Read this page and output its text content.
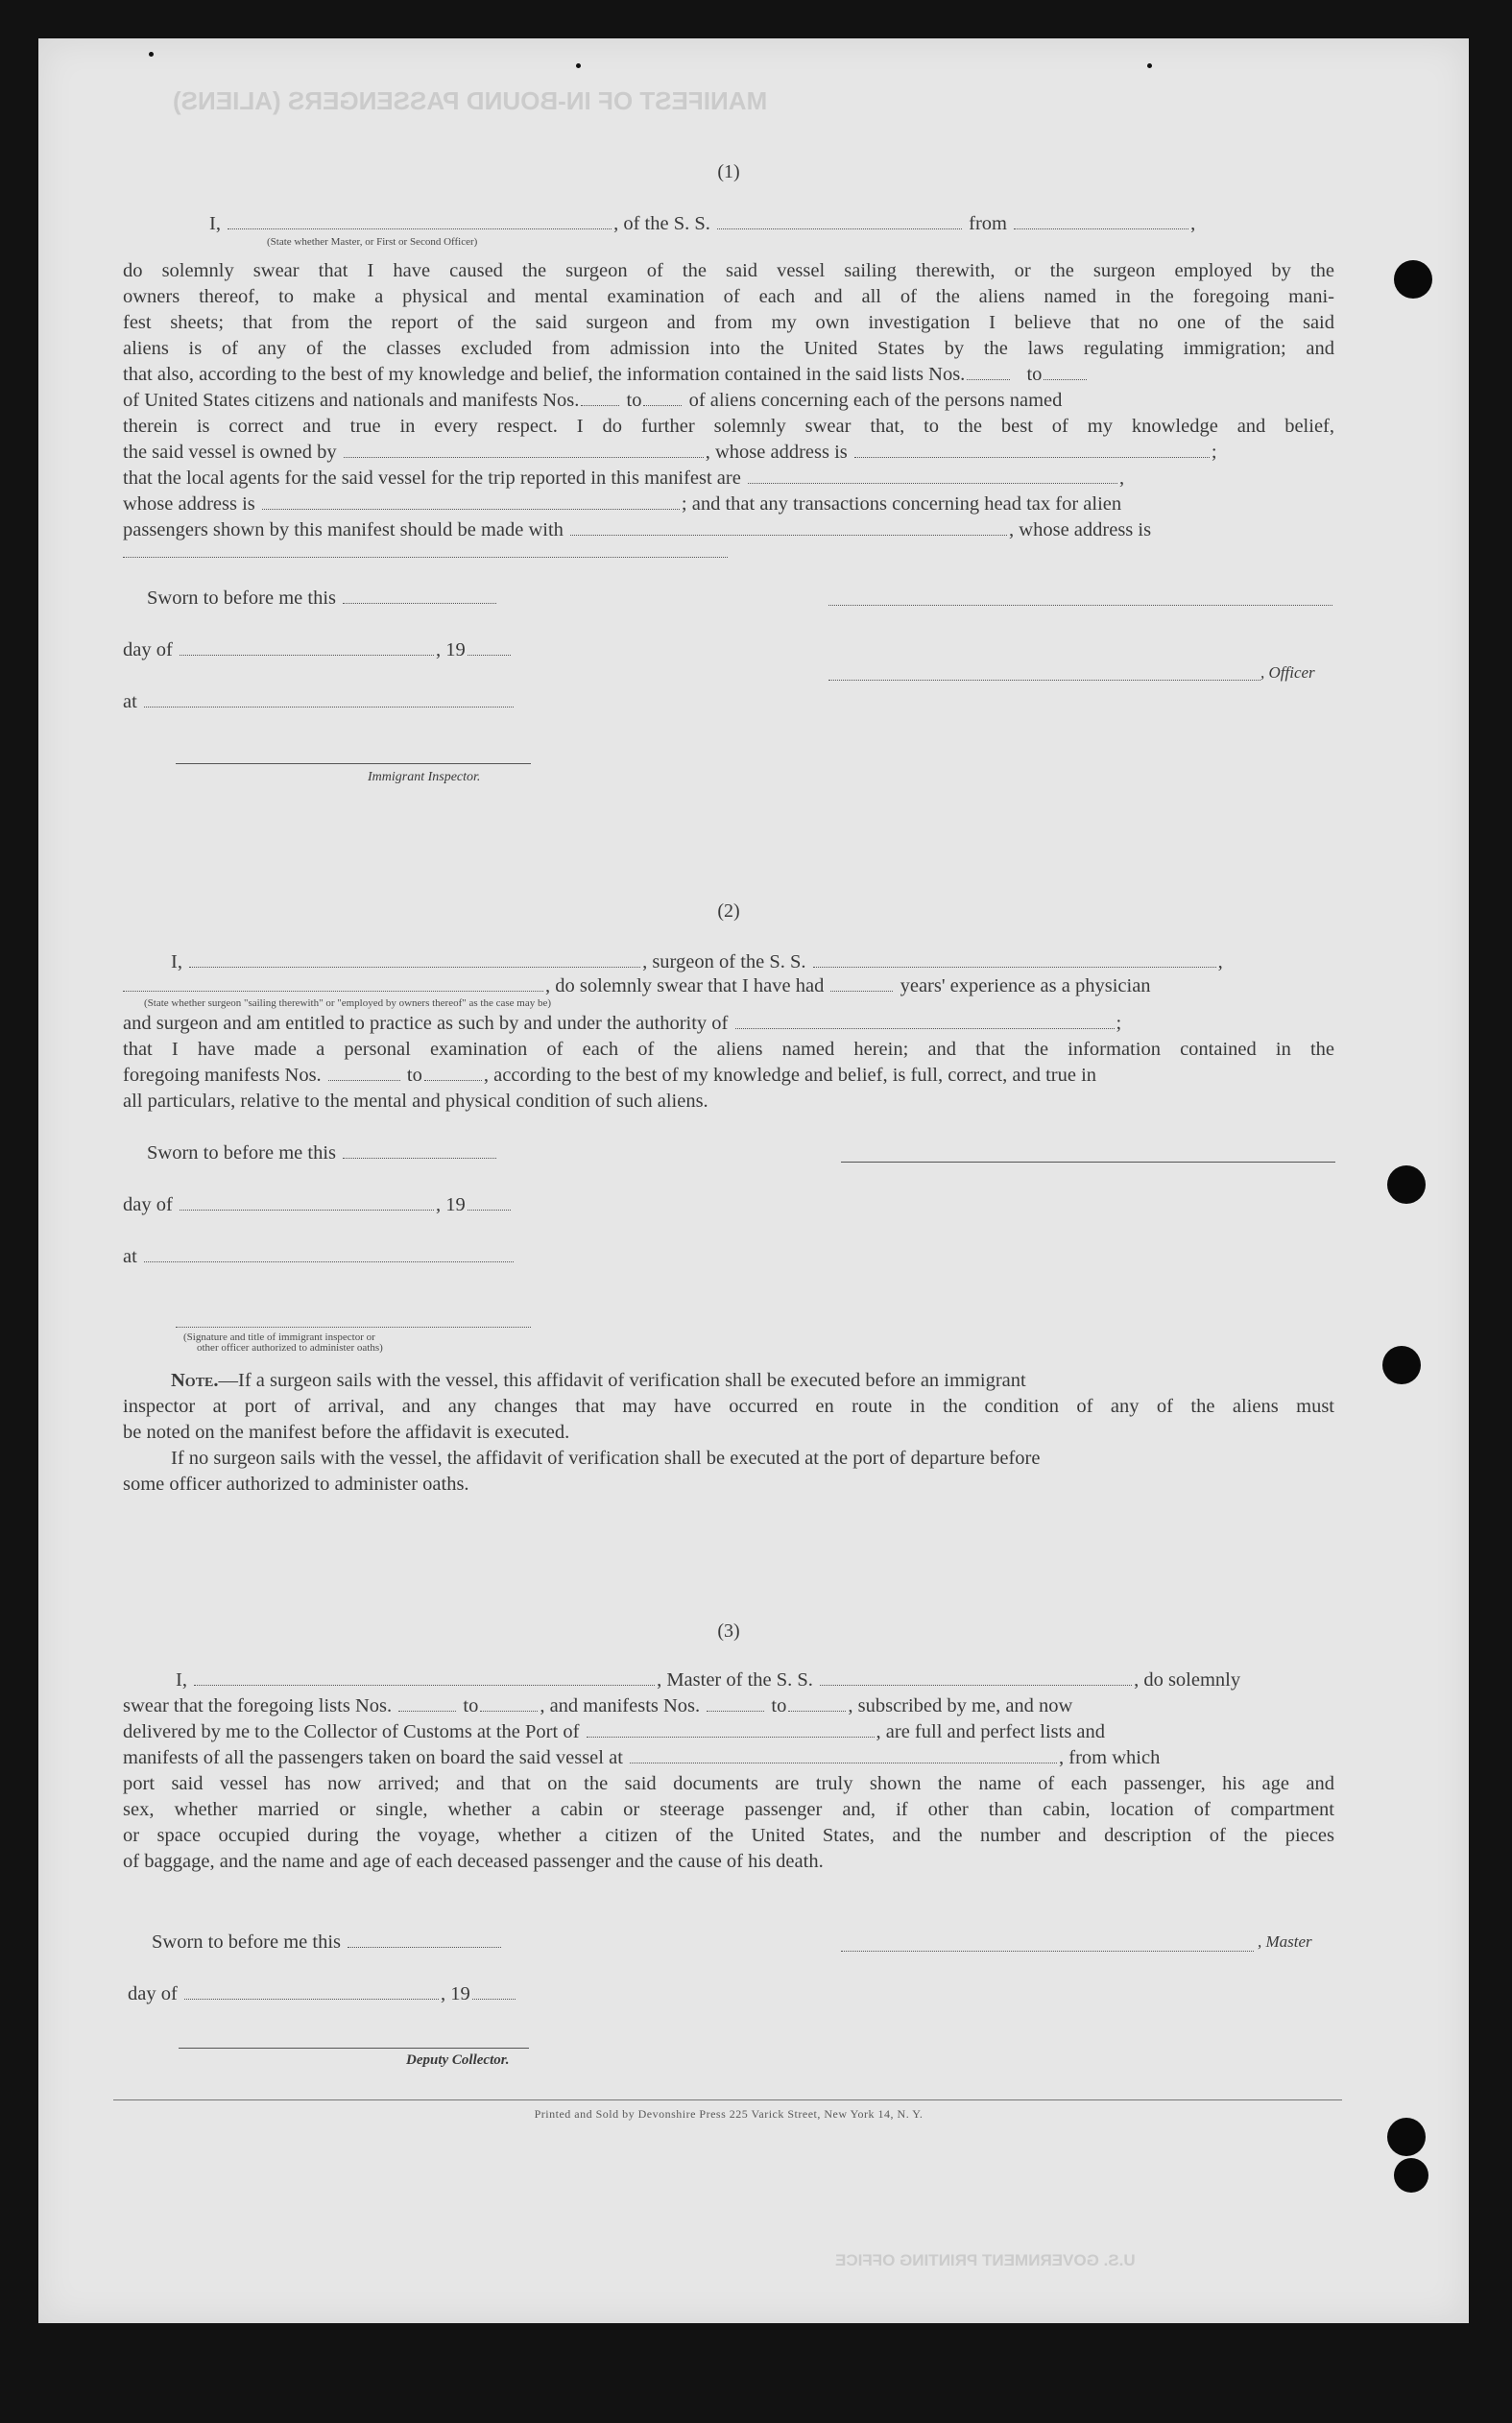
MANIFEST OF IN-BOUND PASSENGERS (ALIENS)
U.S. GOVERNMENT PRINTING OFFICE
(1)
I,	, of the S. S.	from	,
(State whether Master, or First or Second Officer)
do solemnly swear that I have caused the surgeon of the said vessel sailing therewith, or the surgeon employed by the
owners thereof, to make a physical and mental examination of each and all of the aliens named in the foregoing mani-
fest sheets; that from the report of the said surgeon and from my own investigation I believe that no one of the said
aliens is of any of the classes excluded from admission into the United States by the laws regulating immigration; and
that also, according to the best of my knowledge and belief, the information contained in the said lists Nos.	to
of United States citizens and nationals and manifests Nos. to of aliens concerning each of the persons named
therein is correct and true in every respect. I do further solemnly swear that, to the best of my knowledge and belief,
the said vessel is owned by	, whose address is	;
that the local agents for the said vessel for the trip reported in this manifest are	,
whose address is	; and that any transactions concerning head tax for alien
passengers shown by this manifest should be made with	, whose address is
Sworn to before me this
day of	, 19
, Officer
at
Immigrant Inspector.
(2)
I,	, surgeon of the S. S.	,
, do solemnly swear that I have had	years' experience as a physician
(State whether surgeon "sailing therewith" or "employed by owners thereof" as the case may be)
and surgeon and am entitled to practice as such by and under the authority of	;
that I have made a personal examination of each of the aliens named herein; and that the information contained in the
foregoing manifests Nos.	to	, according to the best of my knowledge and belief, is full, correct, and true in
all particulars, relative to the mental and physical condition of such aliens.
Sworn to before me this
day of	, 19
at
(Signature and title of immigrant inspector or
other officer authorized to administer oaths)
Note.—If a surgeon sails with the vessel, this affidavit of verification shall be executed before an immigrant
inspector at port of arrival, and any changes that may have occurred en route in the condition of any of the aliens must
be noted on the manifest before the affidavit is executed.
If no surgeon sails with the vessel, the affidavit of verification shall be executed at the port of departure before
some officer authorized to administer oaths.
(3)
I,	, Master of the S. S.	, do solemnly
swear that the foregoing lists Nos.	to	, and manifests Nos.	to	, subscribed by me, and now
delivered by me to the Collector of Customs at the Port of	, are full and perfect lists and
manifests of all the passengers taken on board the said vessel at	, from which
port said vessel has now arrived; and that on the said documents are truly shown the name of each passenger, his age and
sex, whether married or single, whether a cabin or steerage passenger and, if other than cabin, location of compartment
or space occupied during the voyage, whether a citizen of the United States, and the number and description of the pieces
of baggage, and the name and age of each deceased passenger and the cause of his death.
Sworn to before me this	, Master
day of	, 19
Deputy Collector.
Printed and Sold by Devonshire Press 225 Varick Street, New York 14, N. Y.
